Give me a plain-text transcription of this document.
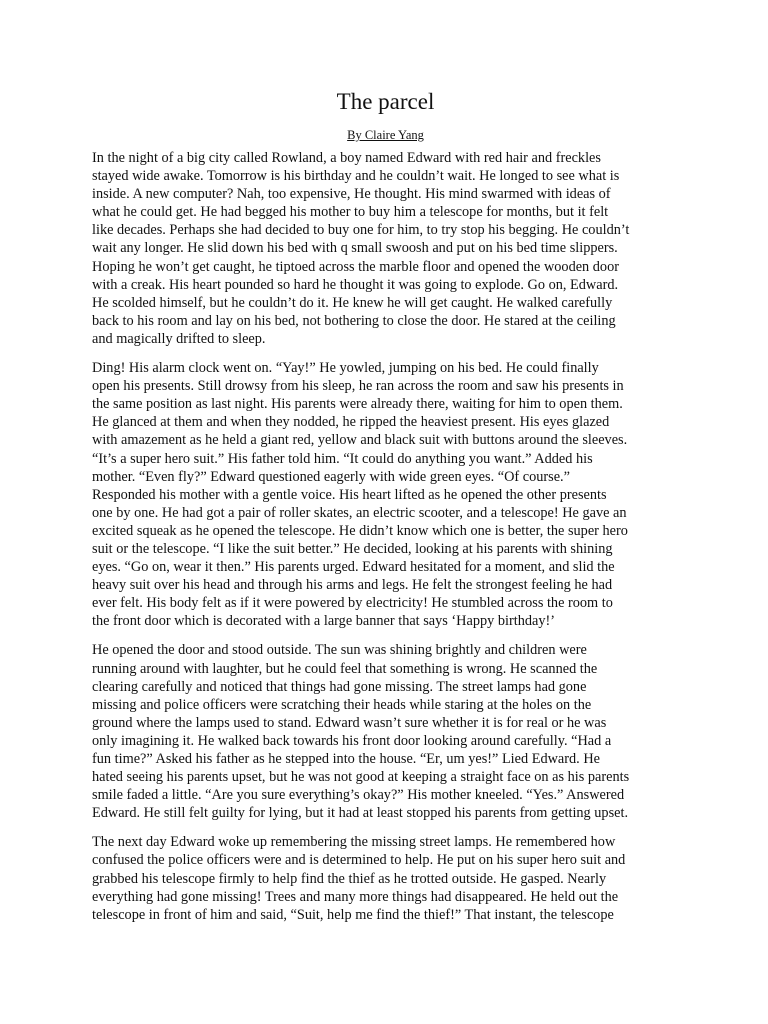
The parcel
By Claire Yang

In the night of a big city called Rowland, a boy named Edward with red hair and freckles
stayed wide awake. Tomorrow is his birthday and he couldn’t wait. He longed to see what is
inside. A new computer? Nah, too expensive, He thought. His mind swarmed with ideas of
what he could get. He had begged his mother to buy him a telescope for months, but it felt
like decades. Perhaps she had decided to buy one for him, to try stop his begging. He couldn’t
wait any longer. He slid down his bed with q small swoosh and put on his bed time slippers.
Hoping he won’t get caught, he tiptoed across the marble floor and opened the wooden door
with a creak. His heart pounded so hard he thought it was going to explode. Go on, Edward.
He scolded himself, but he couldn’t do it. He knew he will get caught. He walked carefully
back to his room and lay on his bed, not bothering to close the door. He stared at the ceiling
and magically drifted to sleep.

Ding! His alarm clock went on. “Yay!” He yowled, jumping on his bed. He could finally
open his presents. Still drowsy from his sleep, he ran across the room and saw his presents in
the same position as last night. His parents were already there, waiting for him to open them.
He glanced at them and when they nodded, he ripped the heaviest present. His eyes glazed
with amazement as he held a giant red, yellow and black suit with buttons around the sleeves.
“It’s a super hero suit.” His father told him. “It could do anything you want.” Added his
mother. “Even fly?” Edward questioned eagerly with wide green eyes. “Of course.”
Responded his mother with a gentle voice. His heart lifted as he opened the other presents
one by one. He had got a pair of roller skates, an electric scooter, and a telescope! He gave an
excited squeak as he opened the telescope. He didn’t know which one is better, the super hero
suit or the telescope. “I like the suit better.” He decided, looking at his parents with shining
eyes. “Go on, wear it then.” His parents urged. Edward hesitated for a moment, and slid the
heavy suit over his head and through his arms and legs. He felt the strongest feeling he had
ever felt. His body felt as if it were powered by electricity! He stumbled across the room to
the front door which is decorated with a large banner that says ‘Happy birthday!’

He opened the door and stood outside. The sun was shining brightly and children were
running around with laughter, but he could feel that something is wrong. He scanned the
clearing carefully and noticed that things had gone missing. The street lamps had gone
missing and police officers were scratching their heads while staring at the holes on the
ground where the lamps used to stand. Edward wasn’t sure whether it is for real or he was
only imagining it. He walked back towards his front door looking around carefully. “Had a
fun time?” Asked his father as he stepped into the house. “Er, um yes!” Lied Edward. He
hated seeing his parents upset, but he was not good at keeping a straight face on as his parents
smile faded a little. “Are you sure everything’s okay?” His mother kneeled. “Yes.” Answered
Edward. He still felt guilty for lying, but it had at least stopped his parents from getting upset.

The next day Edward woke up remembering the missing street lamps. He remembered how
confused the police officers were and is determined to help. He put on his super hero suit and
grabbed his telescope firmly to help find the thief as he trotted outside. He gasped. Nearly
everything had gone missing! Trees and many more things had disappeared. He held out the
telescope in front of him and said, “Suit, help me find the thief!” That instant, the telescope
